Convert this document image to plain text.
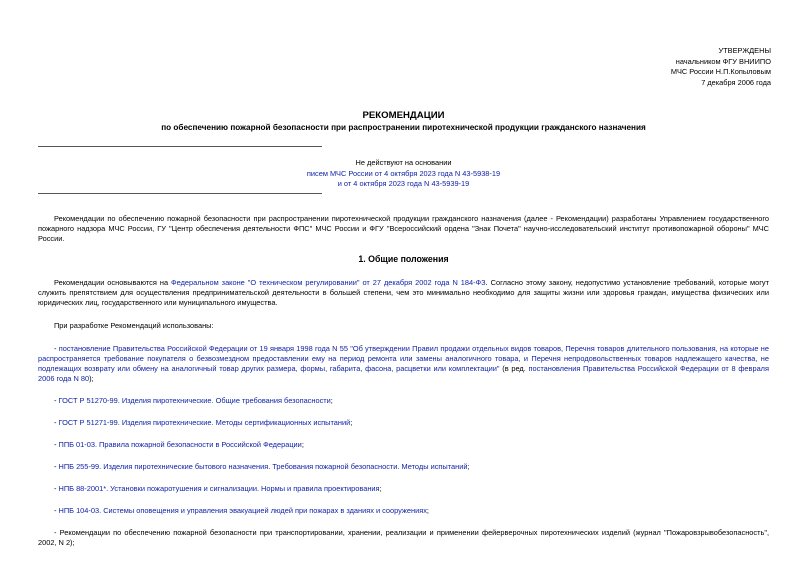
УТВЕРЖДЕНЫ
начальником ФГУ ВНИИПО
МЧС России Н.П.Копыловым
7 декабря 2006 года
РЕКОМЕНДАЦИИ
по обеспечению пожарной безопасности при распространении пиротехнической продукции гражданского назначения
Не действуют на основании
писем МЧС России от 4 октября 2023 года N 43-5938-19
и от 4 октября 2023 года N 43-5939-19

Рекомендации по обеспечению пожарной безопасности при распространении пиротехнической продукции гражданского назначения (далее - Рекомендации) разработаны Управлением государственного пожарного надзора МЧС России, ГУ "Центр обеспечения деятельности ФПС" МЧС России и ФГУ "Всероссийский ордена "Знак Почета" научно-исследовательский институт противопожарной обороны" МЧС России.

1. Общие положения

Рекомендации основываются на Федеральном законе "О техническом регулировании" от 27 декабря 2002 года N 184-ФЗ. Согласно этому закону, недопустимо установление требований, которые могут служить препятствием для осуществления предпринимательской деятельности в большей степени, чем это минимально необходимо для защиты жизни или здоровья граждан, имущества физических или юридических лиц, государственного или муниципального имущества.

При разработке Рекомендаций использованы:

- постановление Правительства Российской Федерации от 19 января 1998 года N 55 "Об утверждении Правил продажи отдельных видов товаров, Перечня товаров длительного пользования, на которые не распространяется требование покупателя о безвозмездном предоставлении ему на период ремонта или замены аналогичного товара, и Перечня непродовольственных товаров надлежащего качества, не подлежащих возврату или обмену на аналогичный товар других размера, формы, габарита, фасона, расцветки или комплектации" (в ред. постановления Правительства Российской Федерации от 8 февраля 2006 года N 80);

- ГОСТ Р 51270-99. Изделия пиротехнические. Общие требования безопасности;

- ГОСТ Р 51271-99. Изделия пиротехнические. Методы сертификационных испытаний;

- ППБ 01-03. Правила пожарной безопасности в Российской Федерации;

- НПБ 255-99. Изделия пиротехнические бытового назначения. Требования пожарной безопасности. Методы испытаний;

- НПБ 88-2001*. Установки пожаротушения и сигнализации. Нормы и правила проектирования;

- НПБ 104-03. Системы оповещения и управления эвакуацией людей при пожарах в зданиях и сооружениях;

- Рекомендации по обеспечению пожарной безопасности при транспортировании, хранении, реализации и применении фейерверочных пиротехнических изделий (журнал "Пожаровзрывобезопасность", 2002, N 2);
